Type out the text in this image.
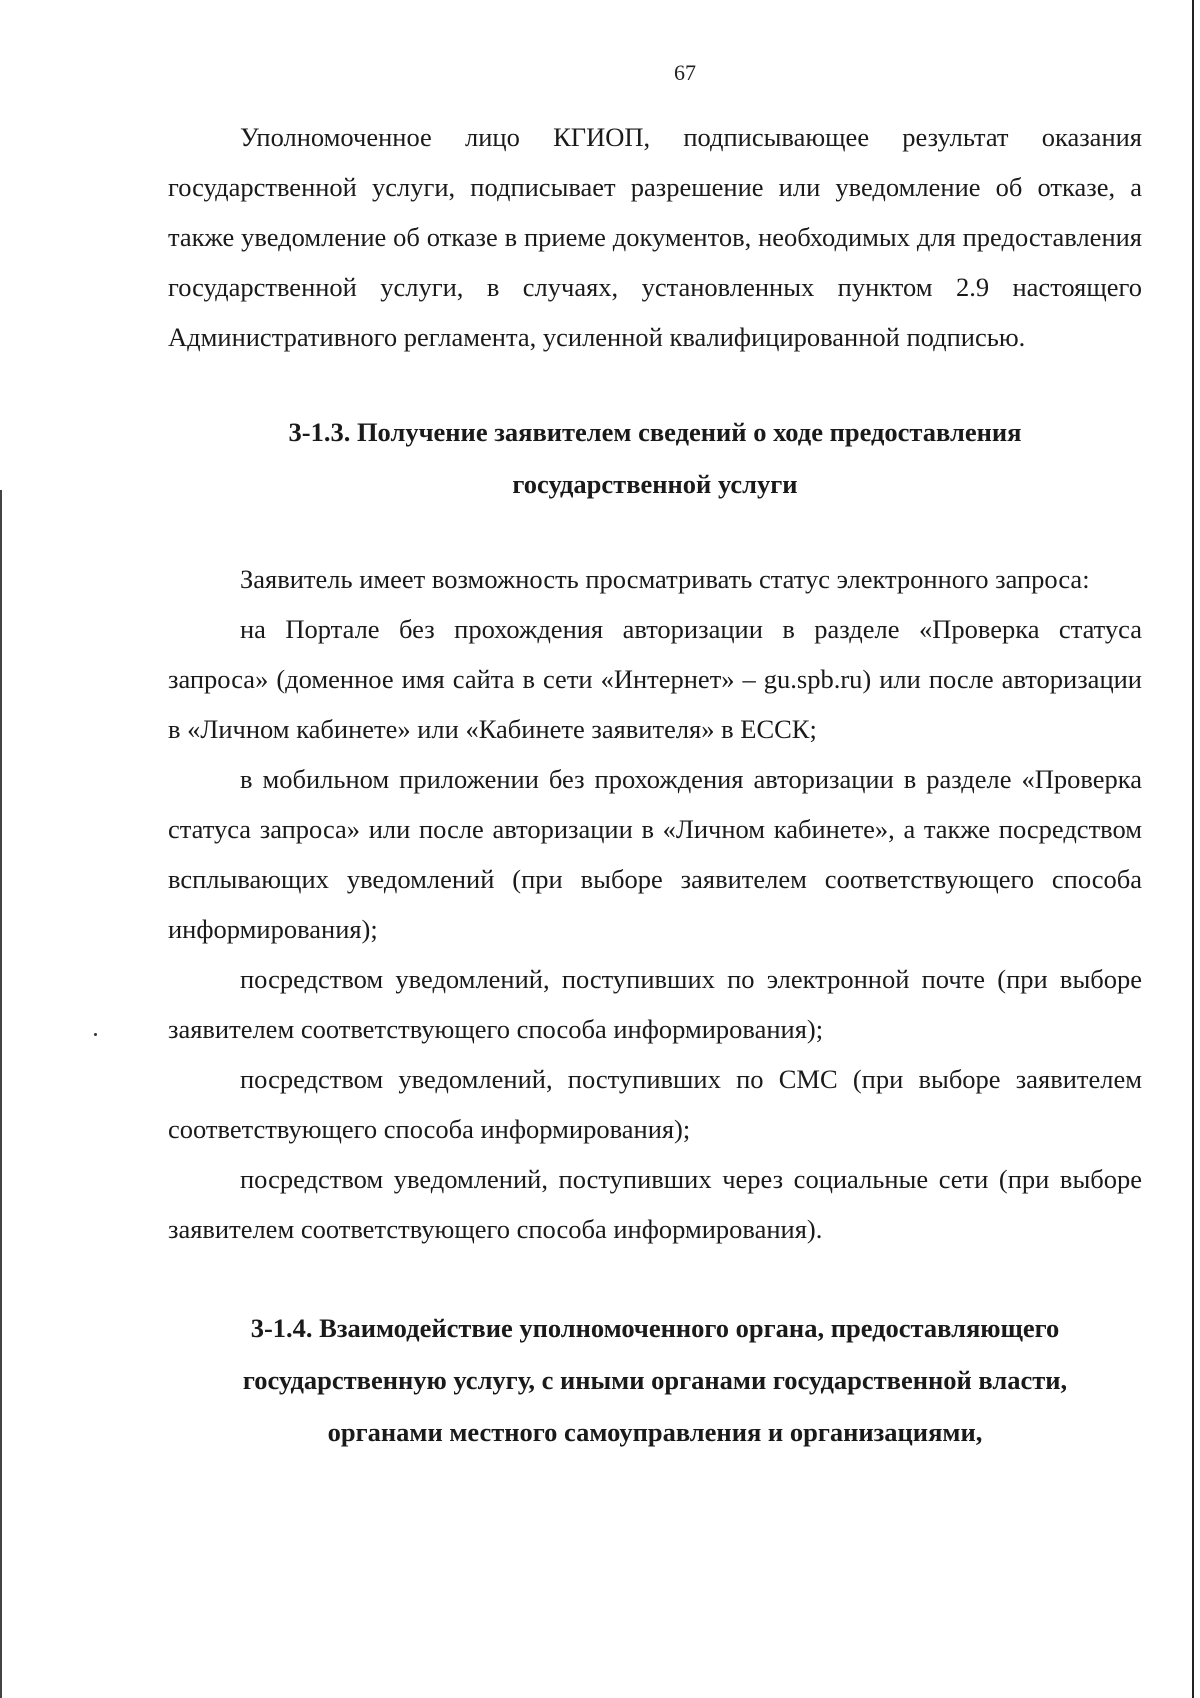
67

Уполномоченное лицо КГИОП, подписывающее результат оказания государственной услуги, подписывает разрешение или уведомление об отказе, а также уведомление об отказе в приеме документов, необходимых для предоставления государственной услуги, в случаях, установленных пунктом 2.9 настоящего Административного регламента, усиленной квалифицированной подписью.

3-1.3. Получение заявителем сведений о ходе предоставления
государственной услуги

Заявитель имеет возможность просматривать статус электронного запроса:

на Портале без прохождения авторизации в разделе «Проверка статуса запроса» (доменное имя сайта в сети «Интернет» – gu.spb.ru) или после авторизации в «Личном кабинете» или «Кабинете заявителя» в ЕССК;

в мобильном приложении без прохождения авторизации в разделе «Проверка статуса запроса» или после авторизации в «Личном кабинете», а также посредством всплывающих уведомлений (при выборе заявителем соответствующего способа информирования);

посредством уведомлений, поступивших по электронной почте (при выборе заявителем соответствующего способа информирования);

посредством уведомлений, поступивших по СМС (при выборе заявителем соответствующего способа информирования);

посредством уведомлений, поступивших через социальные сети (при выборе заявителем соответствующего способа информирования).

3-1.4. Взаимодействие уполномоченного органа, предоставляющего
государственную услугу, с иными органами государственной власти,
органами местного самоуправления и организациями,
